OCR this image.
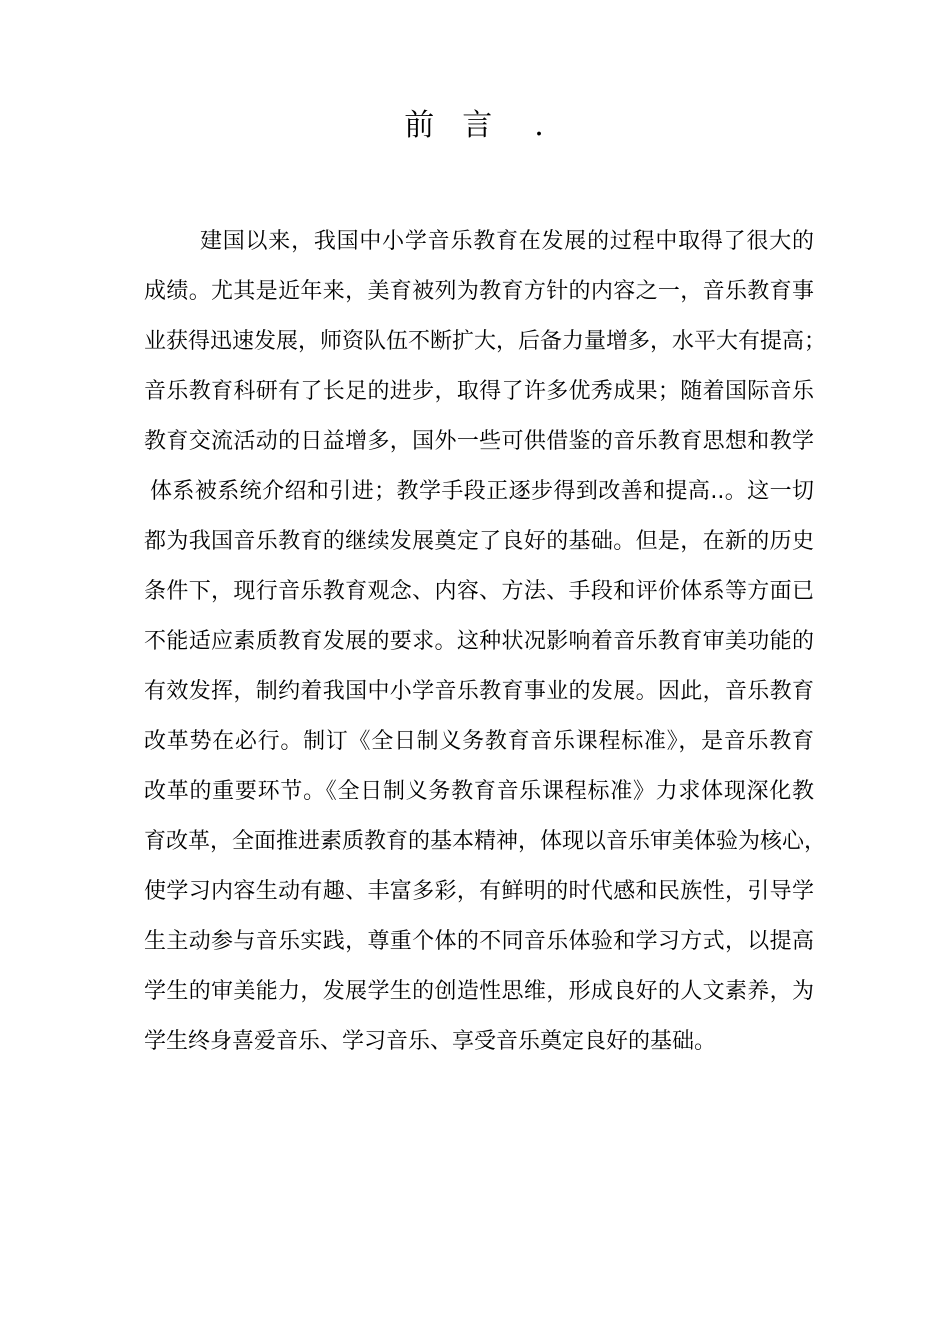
前 言 .
建国以来，我国中小学音乐教育在发展的过程中取得了很大的
成绩。尤其是近年来，美育被列为教育方针的内容之一，音乐教育事
业获得迅速发展，师资队伍不断扩大，后备力量增多，水平大有提高；
音乐教育科研有了长足的进步，取得了许多优秀成果；随着国际音乐
教育交流活动的日益增多，国外一些可供借鉴的音乐教育思想和教学
体系被系统介绍和引进；教学手段正逐步得到改善和提高..。这一切
都为我国音乐教育的继续发展奠定了良好的基础。但是，在新的历史
条件下，现行音乐教育观念、内容、方法、手段和评价体系等方面已
不能适应素质教育发展的要求。这种状况影响着音乐教育审美功能的
有效发挥，制约着我国中小学音乐教育事业的发展。因此，音乐教育
改革势在必行。制订《全日制义务教育音乐课程标准》，是音乐教育
改革的重要环节。《全日制义务教育音乐课程标准》力求体现深化教
育改革，全面推进素质教育的基本精神，体现以音乐审美体验为核心，
使学习内容生动有趣、丰富多彩，有鲜明的时代感和民族性，引导学
生主动参与音乐实践，尊重个体的不同音乐体验和学习方式，以提高
学生的审美能力，发展学生的创造性思维，形成良好的人文素养，为
学生终身喜爱音乐、学习音乐、享受音乐奠定良好的基础。
